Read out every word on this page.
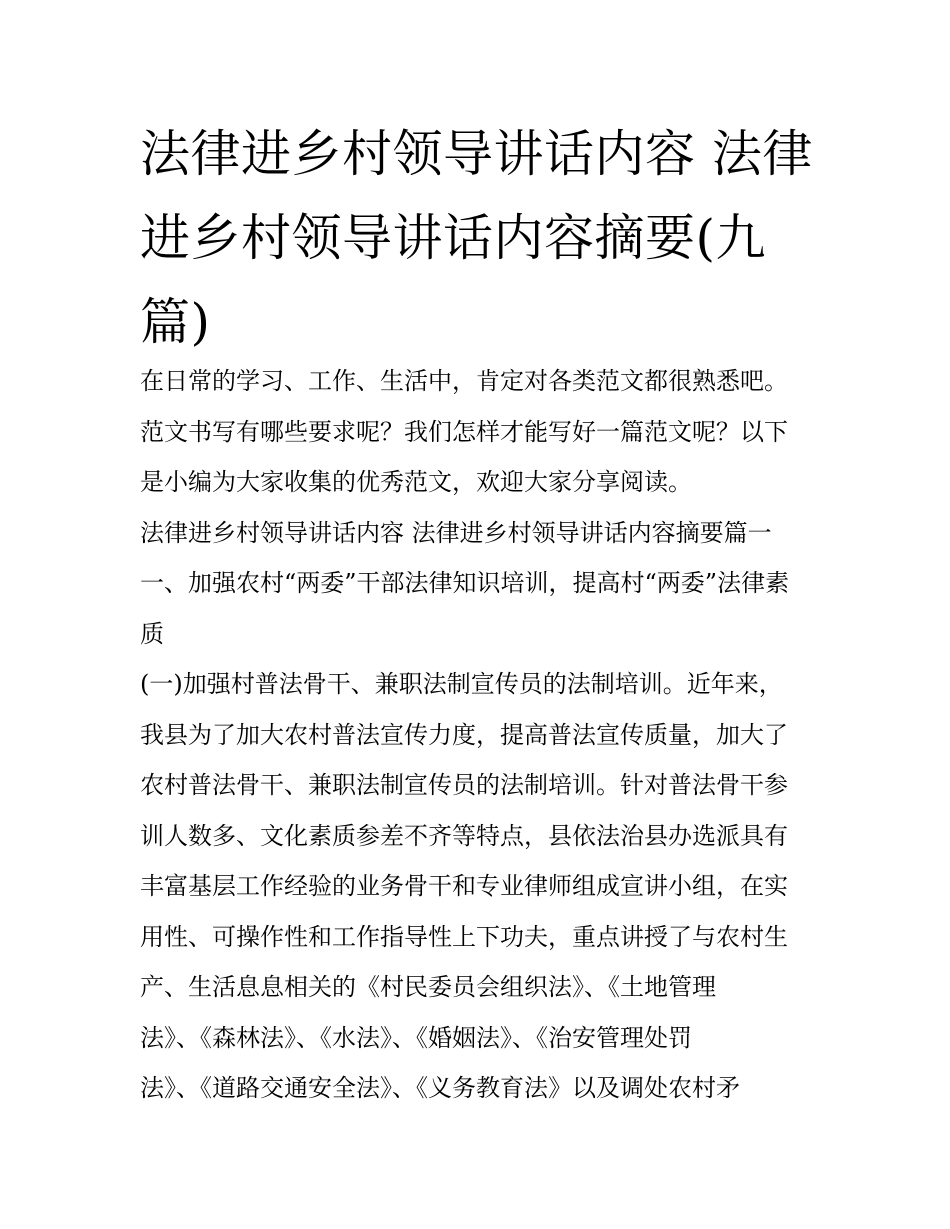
法律进乡村领导讲话内容 法律
进乡村领导讲话内容摘要(九
篇)
在日常的学习、工作、生活中，肯定对各类范文都很熟悉吧。
范文书写有哪些要求呢？我们怎样才能写好一篇范文呢？以下
是小编为大家收集的优秀范文，欢迎大家分享阅读。
法律进乡村领导讲话内容 法律进乡村领导讲话内容摘要篇一
一、加强农村“两委”干部法律知识培训，提高村“两委”法律素
质
(一)加强村普法骨干、兼职法制宣传员的法制培训。近年来，
我县为了加大农村普法宣传力度，提高普法宣传质量，加大了
农村普法骨干、兼职法制宣传员的法制培训。针对普法骨干参
训人数多、文化素质参差不齐等特点，县依法治县办选派具有
丰富基层工作经验的业务骨干和专业律师组成宣讲小组，在实
用性、可操作性和工作指导性上下功夫，重点讲授了与农村生
产、生活息息相关的《村民委员会组织法》、《土地管理
法》、《森林法》、《水法》、《婚姻法》、《治安管理处罚
法》、《道路交通安全法》、《义务教育法》以及调处农村矛
